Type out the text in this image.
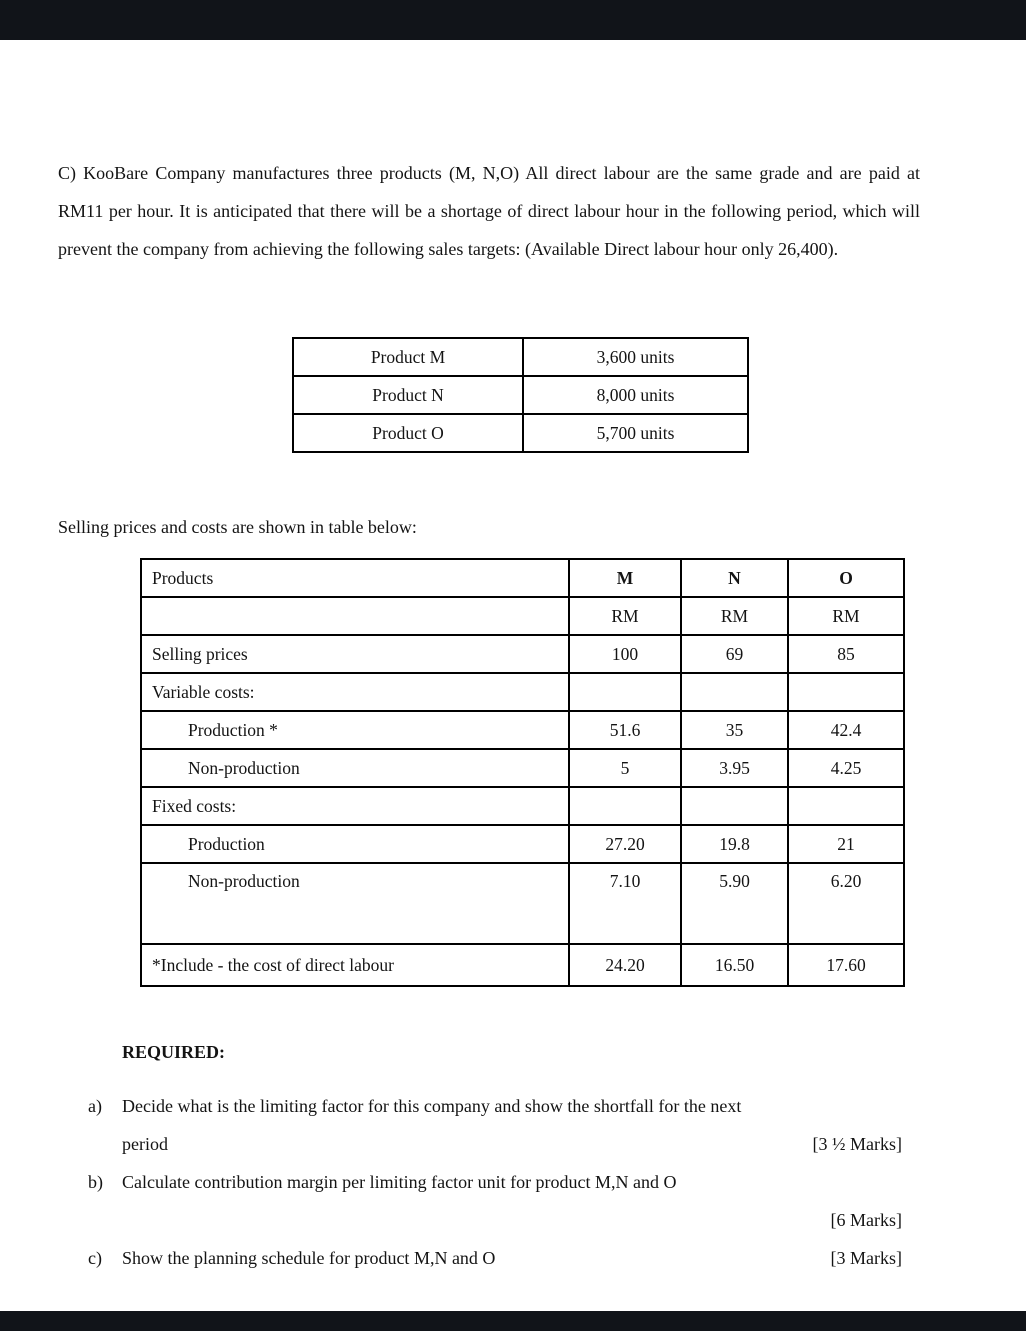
C) KooBare Company manufactures three products (M, N,O) All direct labour are the same grade and are paid at RM11 per hour. It is anticipated that there will be a shortage of direct labour hour in the following period, which will prevent the company from achieving the following sales targets: (Available Direct labour hour only 26,400).

Product M	3,600 units
Product N	8,000 units
Product O	5,700 units
Selling prices and costs are shown in table below:
Products	M	N	O
	RM	RM	RM
Selling prices	100	69	85
Variable costs:			
Production *	51.6	35	42.4
Non-production	5	3.95	4.25
Fixed costs:			
Production	27.20	19.8	21
Non-production	7.10	5.90	6.20
*Include - the cost of direct labour	24.20	16.50	17.60
REQUIRED:
a)	Decide what is the limiting factor for this company and show the shortfall for the next
period	[3 ½ Marks]
b)	Calculate contribution margin per limiting factor unit for product M,N and O
[6 Marks]
c)	Show the planning schedule for product M,N and O	[3 Marks]
